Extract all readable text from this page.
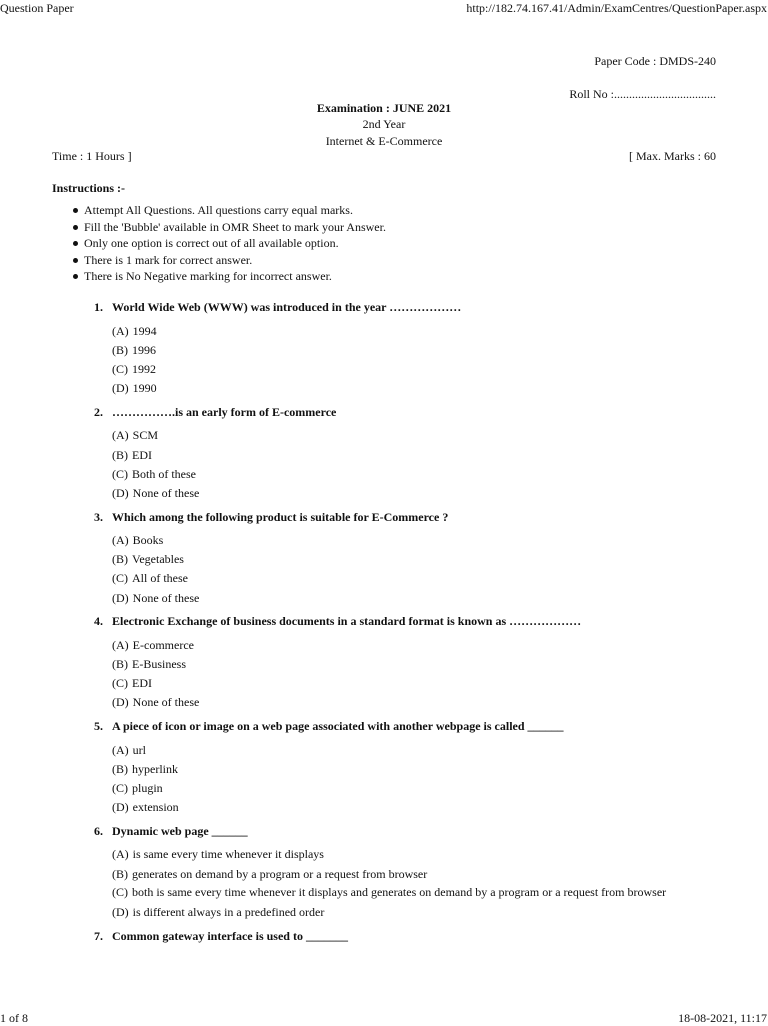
Question Paper	http://182.74.167.41/Admin/ExamCentres/QuestionPaper.aspx
Paper Code : DMDS-240
Roll No :..................................
Examination : JUNE 2021
2nd Year
Internet & E-Commerce
Time : 1 Hours ]	[ Max. Marks : 60
Instructions :-
Attempt All Questions. All questions carry equal marks.
Fill the 'Bubble' available in OMR Sheet to mark your Answer.
Only one option is correct out of all available option.
There is 1 mark for correct answer.
There is No Negative marking for incorrect answer.
1. World Wide Web (WWW) was introduced in the year ………………
(A) 1994
(B) 1996
(C) 1992
(D) 1990
2. …………….is an early form of E-commerce
(A) SCM
(B) EDI
(C) Both of these
(D) None of these
3. Which among the following product is suitable for E-Commerce ?
(A) Books
(B) Vegetables
(C) All of these
(D) None of these
4. Electronic Exchange of business documents in a standard format is known as ………………
(A) E-commerce
(B) E-Business
(C) EDI
(D) None of these
5. A piece of icon or image on a web page associated with another webpage is called ______
(A) url
(B) hyperlink
(C) plugin
(D) extension
6. Dynamic web page ______
(A) is same every time whenever it displays
(B) generates on demand by a program or a request from browser
(C) both is same every time whenever it displays and generates on demand by a program or a request from browser
(D) is different always in a predefined order
7. Common gateway interface is used to _______
1 of 8	18-08-2021, 11:17
